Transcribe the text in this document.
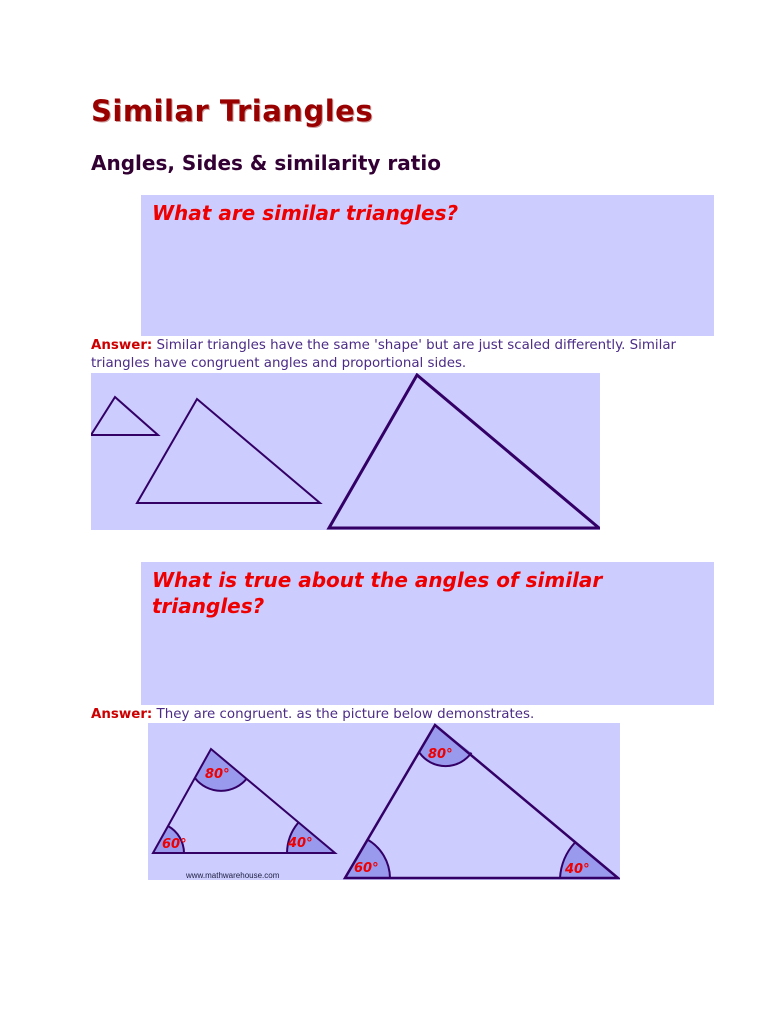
Similar Triangles
Angles, Sides & similarity ratio

What are similar triangles?

Answer: Similar triangles have the same 'shape' but are just scaled differently. Similar triangles have congruent angles and proportional sides.

What is true about the angles of similar triangles?

Answer: They are congruent. as the picture below demonstrates.

80°
60°	40°
80°
60°	40°
www.mathwarehouse.com
